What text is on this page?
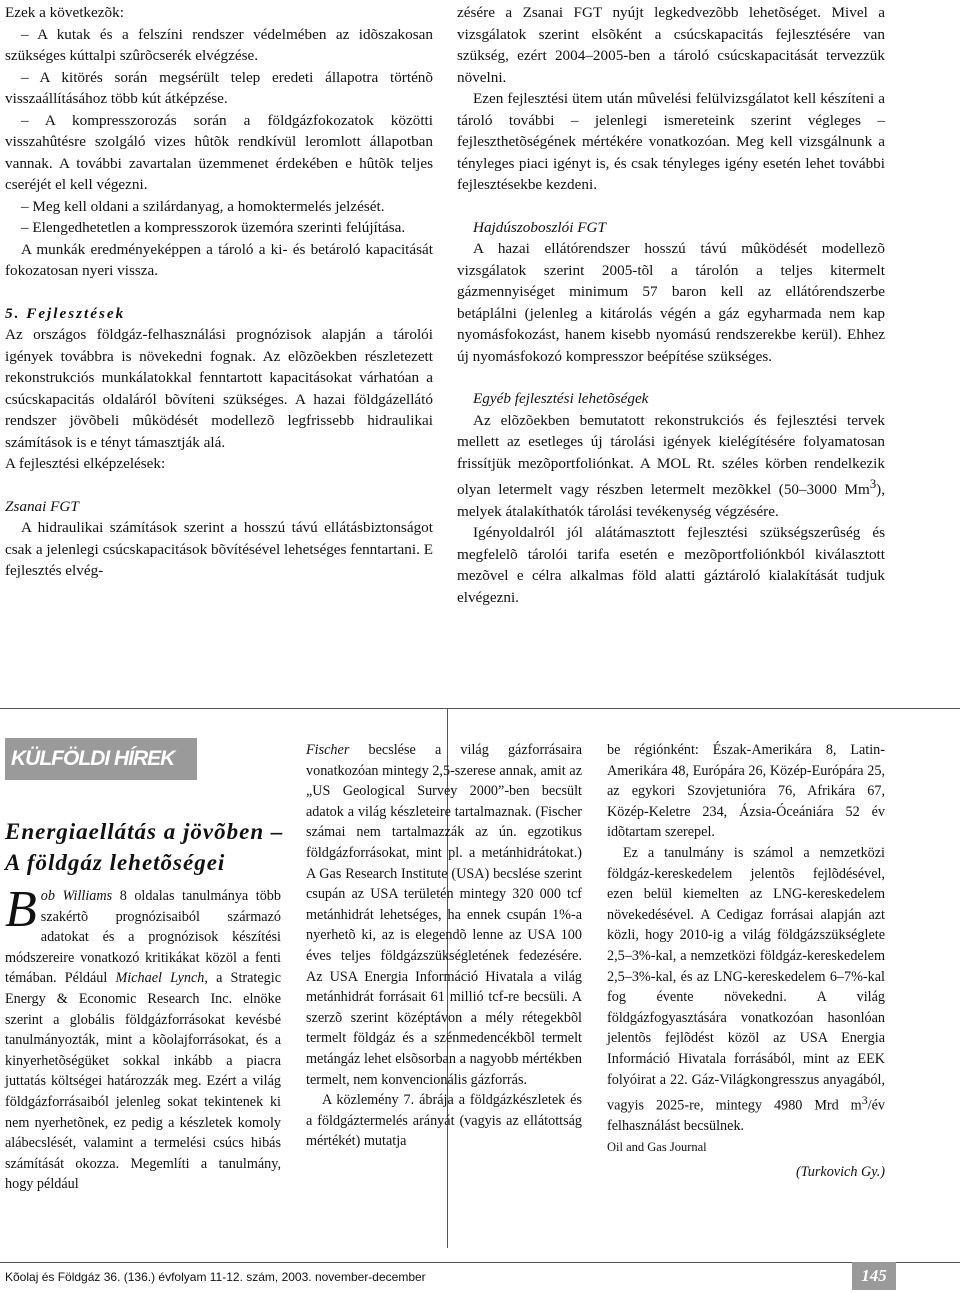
Ezek a következõk:

– A kutak és a felszíni rendszer védelmében az idõszakosan szükséges kúttalpi szûrõcserék elvégzése.

– A kitörés során megsérült telep eredeti állapotra történõ visszaállításához több kút átképzése.

– A kompresszorozás során a földgázfokozatok közötti visszahûtésre szolgáló vizes hûtõk rendkívül leromlott állapotban vannak. A további zavartalan üzemmenet érdekében e hûtõk teljes cseréjét el kell végezni.

– Meg kell oldani a szilárdanyag, a homoktermelés jelzését.

– Elengedhetetlen a kompresszorok üzemóra szerinti felújítása.

A munkák eredményeképpen a tároló a ki- és betároló kapacitását fokozatosan nyeri vissza.

5. Fejlesztések

Az országos földgáz-felhasználási prognózisok alapján a tárolói igények továbbra is növekedni fognak. Az elõzõekben részletezett rekonstrukciós munkálatokkal fenntartott kapacitásokat várhatóan a csúcskapacitás oldaláról bõvíteni szükséges. A hazai földgázellátó rendszer jövõbeli mûködését modellezõ legfrissebb hidraulikai számítások is e tényt támasztják alá.

A fejlesztési elképzelések:

Zsanai FGT

A hidraulikai számítások szerint a hosszú távú ellátásbiztonságot csak a jelenlegi csúcskapacitások bõvítésével lehetséges fenntartani. E fejlesztés elvég-

zésére a Zsanai FGT nyújt legkedvezõbb lehetõséget. Mivel a vizsgálatok szerint elsõként a csúcskapacitás fejlesztésére van szükség, ezért 2004–2005-ben a tároló csúcskapacitását tervezzük növelni.

Ezen fejlesztési ütem után mûvelési felülvizsgálatot kell készíteni a tároló további – jelenlegi ismereteink szerint végleges – fejleszthetõségének mértékére vonatkozóan. Meg kell vizsgálnunk a tényleges piaci igényt is, és csak tényleges igény esetén lehet további fejlesztésekbe kezdeni.

Hajdúszoboszlói FGT

A hazai ellátórendszer hosszú távú mûködését modellezõ vizsgálatok szerint 2005-tõl a tárolón a teljes kitermelt gázmennyiséget minimum 57 baron kell az ellátórendszerbe betáplálni (jelenleg a kitárolás végén a gáz egyharmada nem kap nyomásfokozást, hanem kisebb nyomású rendszerekbe kerül). Ehhez új nyomásfokozó kompresszor beépítése szükséges.

Egyéb fejlesztési lehetõségek

Az elõzõekben bemutatott rekonstrukciós és fejlesztési tervek mellett az esetleges új tárolási igények kielégítésére folyamatosan frissítjük mezõportfoliónkat. A MOL Rt. széles körben rendelkezik olyan letermelt vagy részben letermelt mezõkkel (50–3000 Mm$^3$), melyek átalakíthatók tárolási tevékenység végzésére.

Igényoldalról jól alátámasztott fejlesztési szükségszerûség és megfelelõ tárolói tarifa esetén e mezõportfoliónkból kiválasztott mezõvel e célra alkalmas föld alatti gáztároló kialakítását tudjuk elvégezni.

KÜLFÖLDI HÍREK
Energiaellátás a jövõben – A földgáz lehetõségei

Bob Williams 8 oldalas tanulmánya több szakértõ prognózisaiból származó adatokat és a prognózisok készítési módszereire vonatkozó kritikákat közöl a fenti témában. Például Michael Lynch, a Strategic Energy & Economic Research Inc. elnöke szerint a globális földgázforrásokat kevésbé tanulmányozták, mint a kõolajforrásokat, és a kinyerhetõségüket sokkal inkább a piacra juttatás költségei határozzák meg. Ezért a világ földgázforrásaiból jelenleg sokat tekintenek ki nem nyerhetõnek, ez pedig a készletek komoly alábecslését, valamint a termelési csúcs hibás számítását okozza. Megemlíti a tanulmány, hogy például

Fischer becslése a világ gázforrásaira vonatkozóan mintegy 2,5-szerese annak, amit az „US Geological Survey 2000”-ben becsült adatok a világ készleteire tartalmaznak. (Fischer számai nem tartalmazzák az ún. egzotikus földgázforrásokat, mint pl. a metánhidrátokat.) A Gas Research Institute (USA) becslése szerint csupán az USA területén mintegy 320 000 tcf metánhidrát lehetséges, ha ennek csupán 1%-a nyerhetõ ki, az is elegendõ lenne az USA 100 éves teljes földgázszükségletének fedezésére. Az USA Energia Információ Hivatala a világ metánhidrát forrásait 61 millió tcf-re becsüli. A szerzõ szerint középtávon a mély rétegekbõl termelt földgáz és a szénmedencékbõl termelt metángáz lehet elsõsorban a nagyobb mértékben termelt, nem konvencionális gázforrás.

A közlemény 7. ábrája a földgázkészletek és a földgáztermelés arányát (vagyis az ellátottság mértékét) mutatja

be régiónként: Észak-Amerikára 8, Latin-Amerikára 48, Európára 26, Közép-Európára 25, az egykori Szovjetunióra 76, Afrikára 67, Közép-Keletre 234, Ázsia-Óceániára 52 év idõtartam szerepel.

Ez a tanulmány is számol a nemzetközi földgáz-kereskedelem jelentõs fejlõdésével, ezen belül kiemelten az LNG-kereskedelem növekedésével. A Cedigaz forrásai alapján azt közli, hogy 2010-ig a világ földgázszükséglete 2,5–3%-kal, a nemzetközi földgáz-kereskedelem 2,5–3%-kal, és az LNG-kereskedelem 6–7%-kal fog évente növekedni. A világ földgázfogyasztására vonatkozóan hasonlóan jelentõs fejlõdést közöl az USA Energia Információ Hivatala forrásából, mint az EEK folyóirat a 22. Gáz-Világkongresszus anyagából, vagyis 2025-re, mintegy 4980 Mrd $m^3/év$ felhasználást becsülnek.

Oil and Gas Journal

(Turkovich Gy.)

Kõolaj és Földgáz 36. (136.) évfolyam 11-12. szám, 2003. november-december	145
